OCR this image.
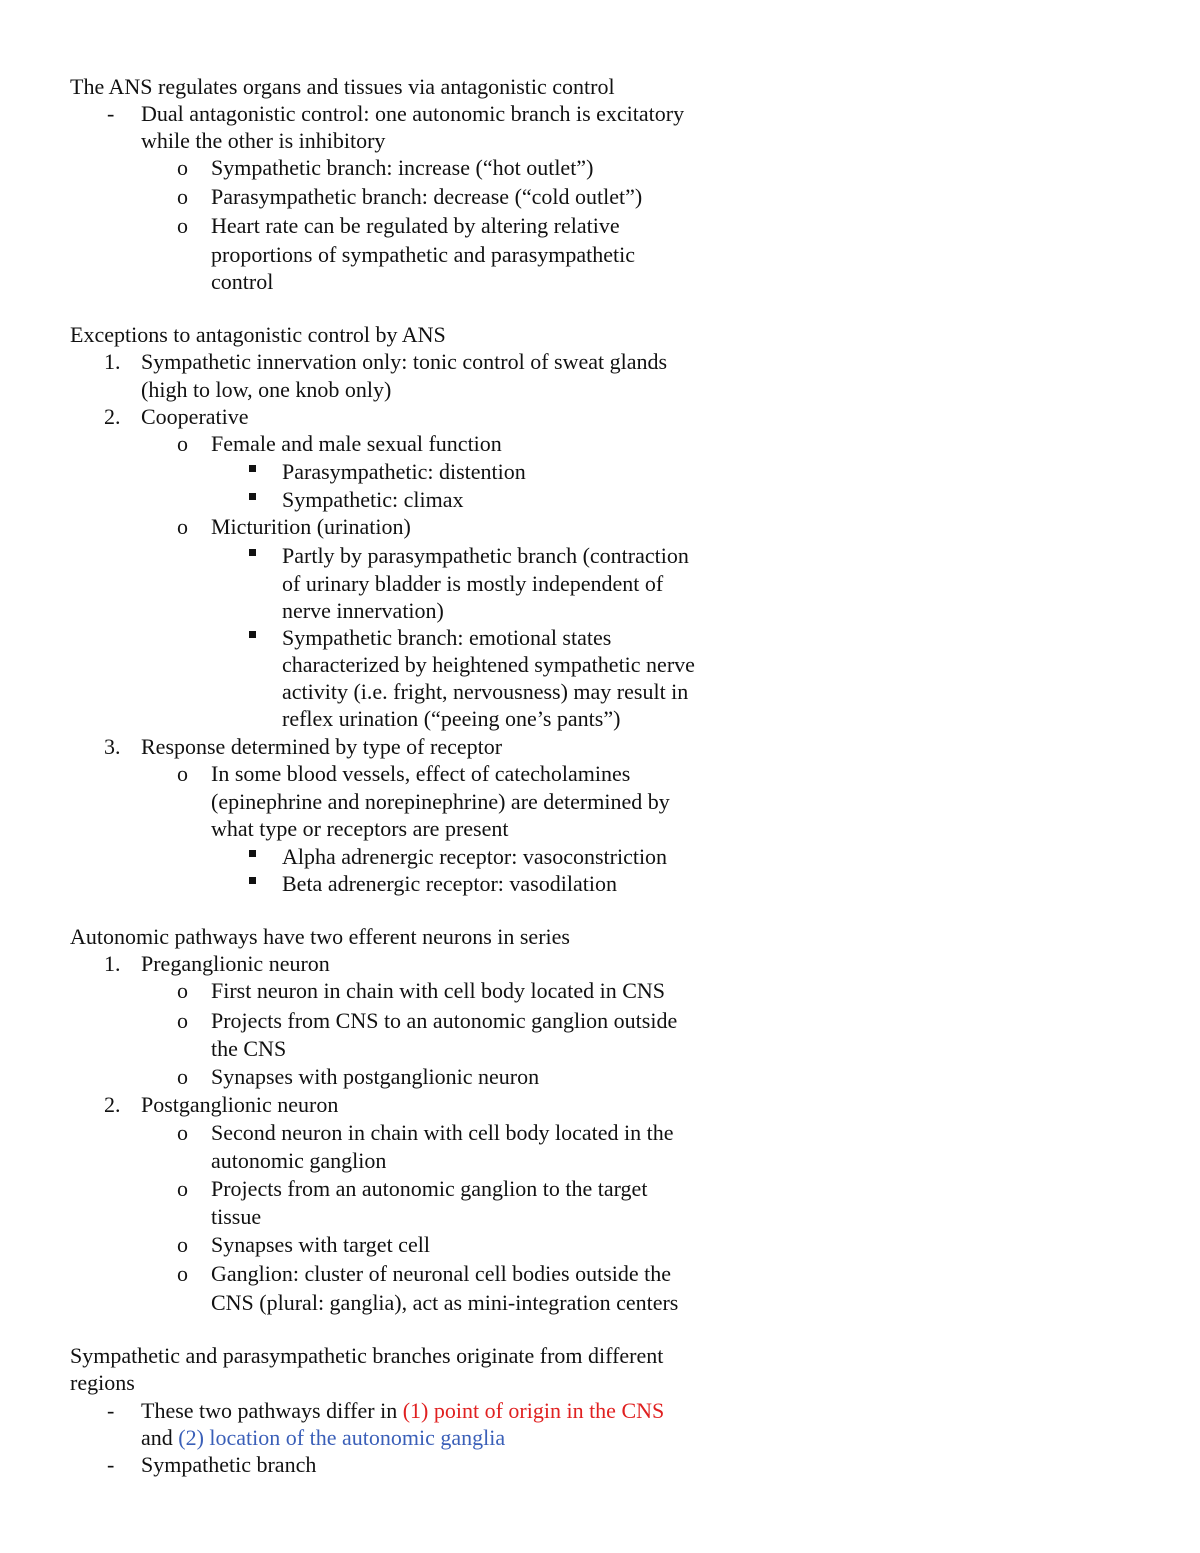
The ANS regulates organs and tissues via antagonistic control
- Dual antagonistic control: one autonomic branch is excitatory
while the other is inhibitory
o Sympathetic branch: increase (“hot outlet”)
o Parasympathetic branch: decrease (“cold outlet”)
o Heart rate can be regulated by altering relative
proportions of sympathetic and parasympathetic
control
Exceptions to antagonistic control by ANS
1. Sympathetic innervation only: tonic control of sweat glands
(high to low, one knob only)
2. Cooperative
o Female and male sexual function
Parasympathetic: distention
Sympathetic: climax
o Micturition (urination)
Partly by parasympathetic branch (contraction
of urinary bladder is mostly independent of
nerve innervation)
Sympathetic branch: emotional states
characterized by heightened sympathetic nerve
activity (i.e. fright, nervousness) may result in
reflex urination (“peeing one’s pants”)
3. Response determined by type of receptor
o In some blood vessels, effect of catecholamines
(epinephrine and norepinephrine) are determined by
what type or receptors are present
Alpha adrenergic receptor: vasoconstriction
Beta adrenergic receptor: vasodilation
Autonomic pathways have two efferent neurons in series
1. Preganglionic neuron
o First neuron in chain with cell body located in CNS
o Projects from CNS to an autonomic ganglion outside
the CNS
o Synapses with postganglionic neuron
2. Postganglionic neuron
o Second neuron in chain with cell body located in the
autonomic ganglion
o Projects from an autonomic ganglion to the target
tissue
o Synapses with target cell
o Ganglion: cluster of neuronal cell bodies outside the
CNS (plural: ganglia), act as mini-integration centers
Sympathetic and parasympathetic branches originate from different
regions
- These two pathways differ in (1) point of origin in the CNS
and (2) location of the autonomic ganglia
- Sympathetic branch
